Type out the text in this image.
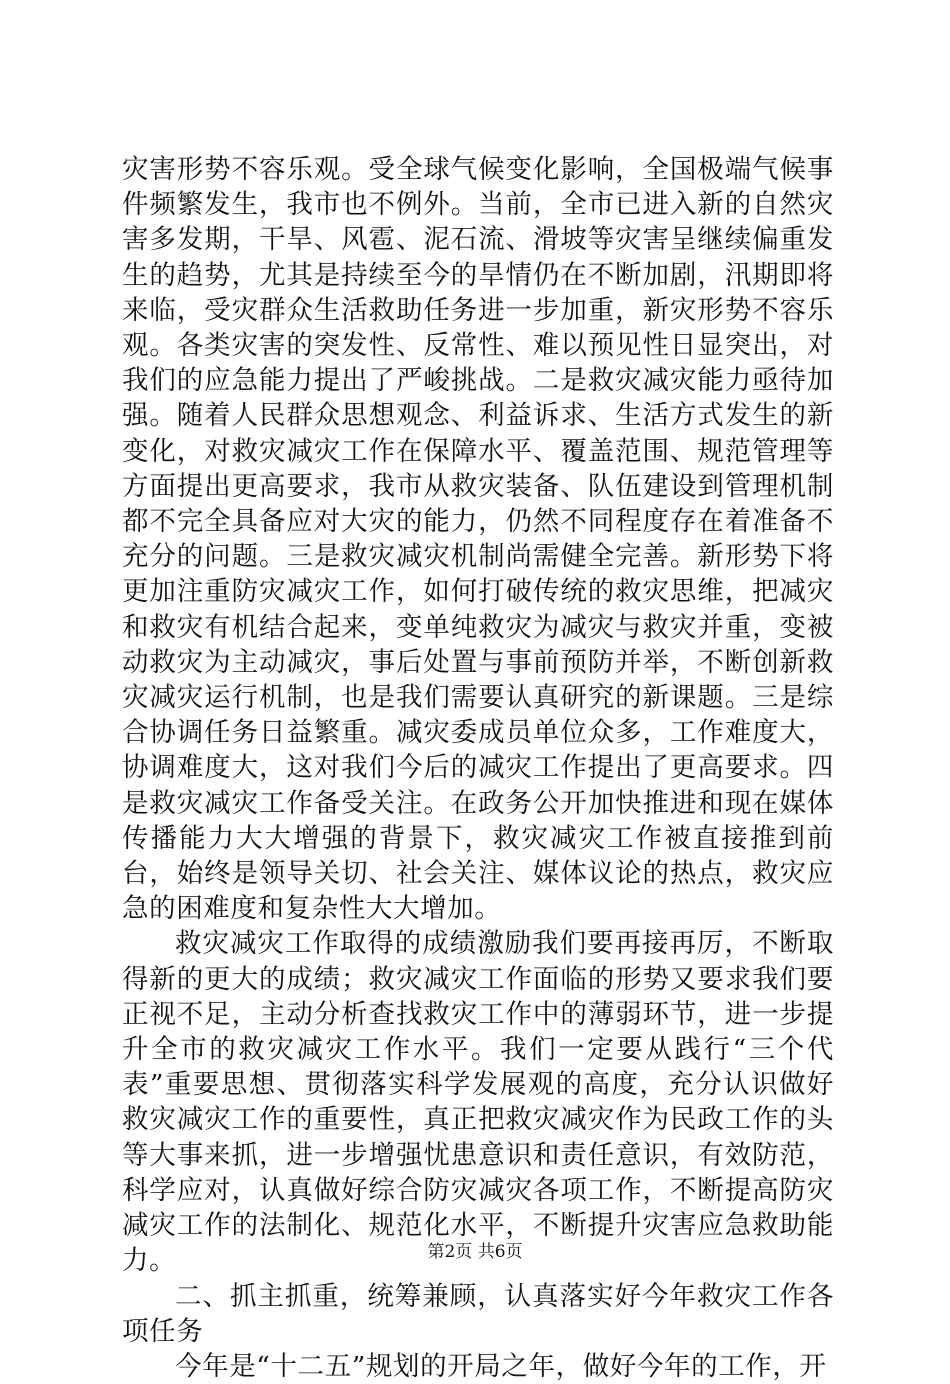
灾害形势不容乐观。受全球气候变化影响，全国极端气候事件频繁发生，我市也不例外。当前，全市已进入新的自然灾害多发期，干旱、风雹、泥石流、滑坡等灾害呈继续偏重发生的趋势，尤其是持续至今的旱情仍在不断加剧，汛期即将来临，受灾群众生活救助任务进一步加重，新灾形势不容乐观。各类灾害的突发性、反常性、难以预见性日显突出，对我们的应急能力提出了严峻挑战。二是救灾减灾能力亟待加强。随着人民群众思想观念、利益诉求、生活方式发生的新变化，对救灾减灾工作在保障水平、覆盖范围、规范管理等方面提出更高要求，我市从救灾装备、队伍建设到管理机制都不完全具备应对大灾的能力，仍然不同程度存在着准备不充分的问题。三是救灾减灾机制尚需健全完善。新形势下将更加注重防灾减灾工作，如何打破传统的救灾思维，把减灾和救灾有机结合起来，变单纯救灾为减灾与救灾并重，变被动救灾为主动减灾，事后处置与事前预防并举，不断创新救灾减灾运行机制，也是我们需要认真研究的新课题。三是综合协调任务日益繁重。减灾委成员单位众多，工作难度大，协调难度大，这对我们今后的减灾工作提出了更高要求。四是救灾减灾工作备受关注。在政务公开加快推进和现在媒体传播能力大大增强的背景下，救灾减灾工作被直接推到前台，始终是领导关切、社会关注、媒体议论的热点，救灾应急的困难度和复杂性大大增加。

救灾减灾工作取得的成绩激励我们要再接再厉，不断取得新的更大的成绩；救灾减灾工作面临的形势又要求我们要正视不足，主动分析查找救灾工作中的薄弱环节，进一步提升全市的救灾减灾工作水平。我们一定要从践行“三个代表”重要思想、贯彻落实科学发展观的高度，充分认识做好救灾减灾工作的重要性，真正把救灾减灾作为民政工作的头等大事来抓，进一步增强忧患意识和责任意识，有效防范，科学应对，认真做好综合防灾减灾各项工作，不断提高防灾减灾工作的法制化、规范化水平，不断提升灾害应急救助能力。

二、抓主抓重，统筹兼顾，认真落实好今年救灾工作各项任务

今年是“十二五”规划的开局之年，做好今年的工作，开

第2页 共6页
